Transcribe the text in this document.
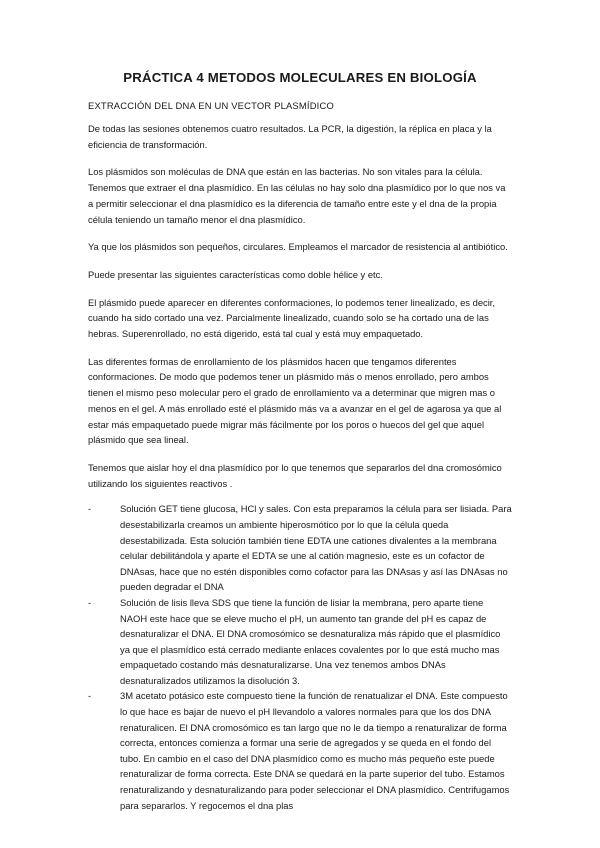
PRÁCTICA 4 METODOS MOLECULARES EN BIOLOGÍA
EXTRACCIÓN DEL DNA EN UN VECTOR PLASMÍDICO

De todas las sesiones obtenemos cuatro resultados. La PCR, la digestión, la réplica en placa y la eficiencia de transformación.

Los plásmidos son moléculas de DNA que están en las bacterias. No son vitales para la célula. Tenemos que extraer el dna plasmídico. En las células no hay solo dna plasmídico por lo que nos va a permitir seleccionar el dna plasmídico es la diferencia de tamaño entre este y el dna de la propia célula teniendo un tamaño menor el dna plasmídico.

Ya que los plásmidos son pequeños, circulares. Empleamos el marcador de resistencia al antibiótico.

Puede presentar las siguientes características como doble hélice y etc.

El plásmido puede aparecer en diferentes conformaciones, lo podemos tener linealizado, es decir, cuando ha sido cortado una vez. Parcialmente linealizado, cuando solo se ha cortado una de las hebras. Superenrollado, no está digerido, está tal cual y está muy empaquetado.

Las diferentes formas de enrollamiento de los plásmidos hacen que tengamos diferentes conformaciones. De modo que podemos tener un plásmido más o menos enrollado, pero ambos tienen el mismo peso molecular pero el grado de enrollamiento va a determinar que migren mas o menos en el gel. A más enrollado esté el plásmido más va a avanzar en el gel de agarosa ya que al estar más empaquetado puede migrar más fácilmente por los poros o huecos del gel que aquel plásmido que sea lineal.

Tenemos que aislar hoy el dna plasmídico por lo que tenemos que separarlos del dna cromosómico utilizando los siguientes reactivos .

-	Solución GET tiene glucosa, HCl y sales. Con esta preparamos la célula para ser lisiada. Para desestabilizarla creamos un ambiente hiperosmótico por lo que la célula queda desestabilizada. Esta solución también tiene EDTA une cationes divalentes a la membrana celular debilitándola y aparte el EDTA se une al catión magnesio, este es un cofactor de DNAsas, hace que no estén disponibles como cofactor para las DNAsas y así las DNAsas no pueden degradar el DNA
-	Solución de lisis lleva SDS que tiene la función de lisiar la membrana, pero aparte tiene NAOH este hace que se eleve mucho el pH, un aumento tan grande del pH es capaz de desnaturalizar el DNA. El DNA cromosómico se desnaturaliza más rápido que el plasmídico ya que el plasmídico está cerrado mediante enlaces covalentes por lo que está mucho mas empaquetado costando más desnaturalizarse. Una vez tenemos ambos DNAs desnaturalizados utilizamos la disolución 3.
-	3M acetato potásico este compuesto tiene la función de renatualizar el DNA. Este compuesto lo que hace es bajar de nuevo el pH llevandolo a valores normales para que los dos DNA renaturalicen. El DNA cromosómico es tan largo que no le da tiempo a renaturalizar de forma correcta, entonces comienza a formar una serie de agregados y se queda en el fondo del tubo. En cambio en el caso del DNA plasmídico como es mucho más pequeño este puede renaturalizar de forma correcta. Este DNA se quedará en la parte superior del tubo. Estamos renaturalizando y desnaturalizando para poder seleccionar el DNA plasmídico. Centrifugamos para separarlos. Y regocemos el dna plas
